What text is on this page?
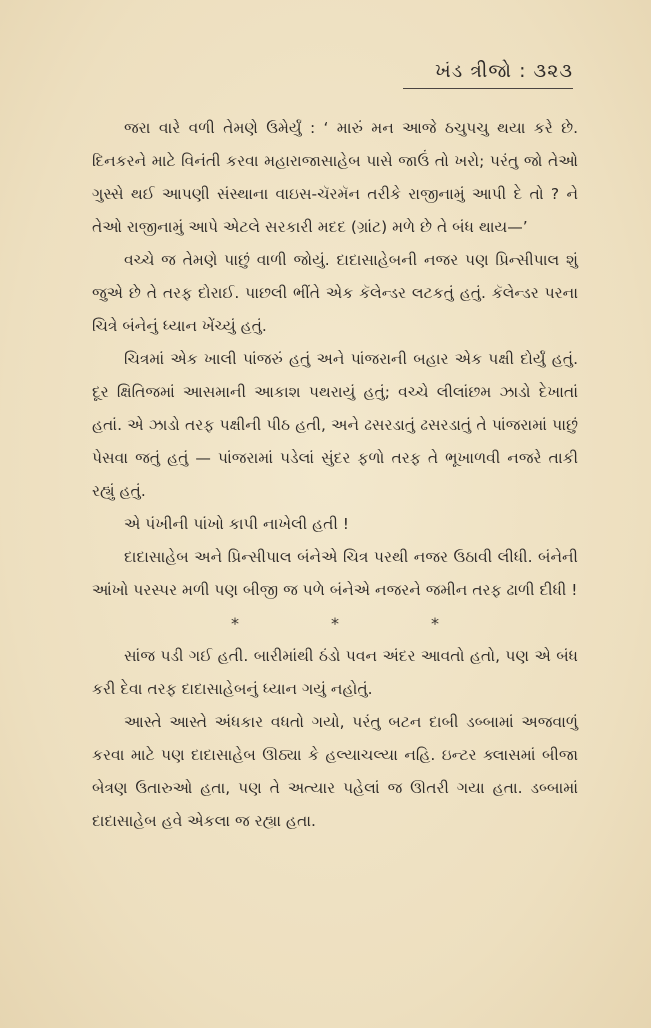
ખંડ ત્રીજો : ૩૨૩

જરા વારે વળી તેમણે ઉમેર્યું : ‘ મારું મન આજે ઠચુપચુ થયા કરે છે. દિનકરને માટે વિનંતી કરવા મહારાજાસાહેબ પાસે જાઉં તો ખરો; પરંતુ જો તેઓ ગુસ્સે થઈ આપણી સંસ્થાના વાઇસ-ચૅરમૅન તરીકે રાજીનામું આપી દે તો ? ને તેઓ રાજીનામું આપે એટલે સરકારી મદદ (ગ્રાંટ) મળે છે તે બંધ થાય—’

વચ્ચે જ તેમણે પાછું વાળી જોયું. દાદાસાહેબની નજર પણ પ્રિન્સીપાલ શું જુએ છે તે તરફ દોરાઈ. પાછલી ભીંતે એક કૅલેન્ડર લટકતું હતું. કૅલેન્ડર પરના ચિત્રે બંનેનું ધ્યાન ખેંચ્યું હતું.

ચિત્રમાં એક ખાલી પાંજરું હતું અને પાંજરાની બહાર એક પક્ષી દોર્યું હતું. દૂર ક્ષિતિજમાં આસમાની આકાશ પથરાયું હતું; વચ્ચે લીલાંછમ ઝાડો દેખાતાં હતાં. એ ઝાડો તરફ પક્ષીની પીઠ હતી, અને ઢસરડાતું ઢસરડાતું તે પાંજરામાં પાછું પેસવા જતું હતું — પાંજરામાં પડેલાં સુંદર ફળો તરફ તે ભૂખાળવી નજરે તાકી રહ્યું હતું.

એ પંખીની પાંખો કાપી નાખેલી હતી !

દાદાસાહેબ અને પ્રિન્સીપાલ બંનેએ ચિત્ર પરથી નજર ઉઠાવી લીધી. બંનેની આંખો પરસ્પર મળી પણ બીજી જ પળે બંનેએ નજરને જમીન તરફ ઢાળી દીધી !

*	*	*

સાંજ પડી ગઈ હતી. બારીમાંથી ઠંડો પવન અંદર આવતો હતો, પણ એ બંધ કરી દેવા તરફ દાદાસાહેબનું ધ્યાન ગયું નહોતું.

આસ્તે આસ્તે અંધકાર વધતો ગયો, પરંતુ બટન દાબી ડબ્બામાં અજવાળું કરવા માટે પણ દાદાસાહેબ ઊઠ્યા કે હલ્યાચલ્યા નહિ. ઇન્ટર ક્લાસમાં બીજા બેત્રણ ઉતારુઓ હતા, પણ તે અત્યાર પહેલાં જ ઊતરી ગયા હતા. ડબ્બામાં દાદાસાહેબ હવે એકલા જ રહ્યા હતા.
